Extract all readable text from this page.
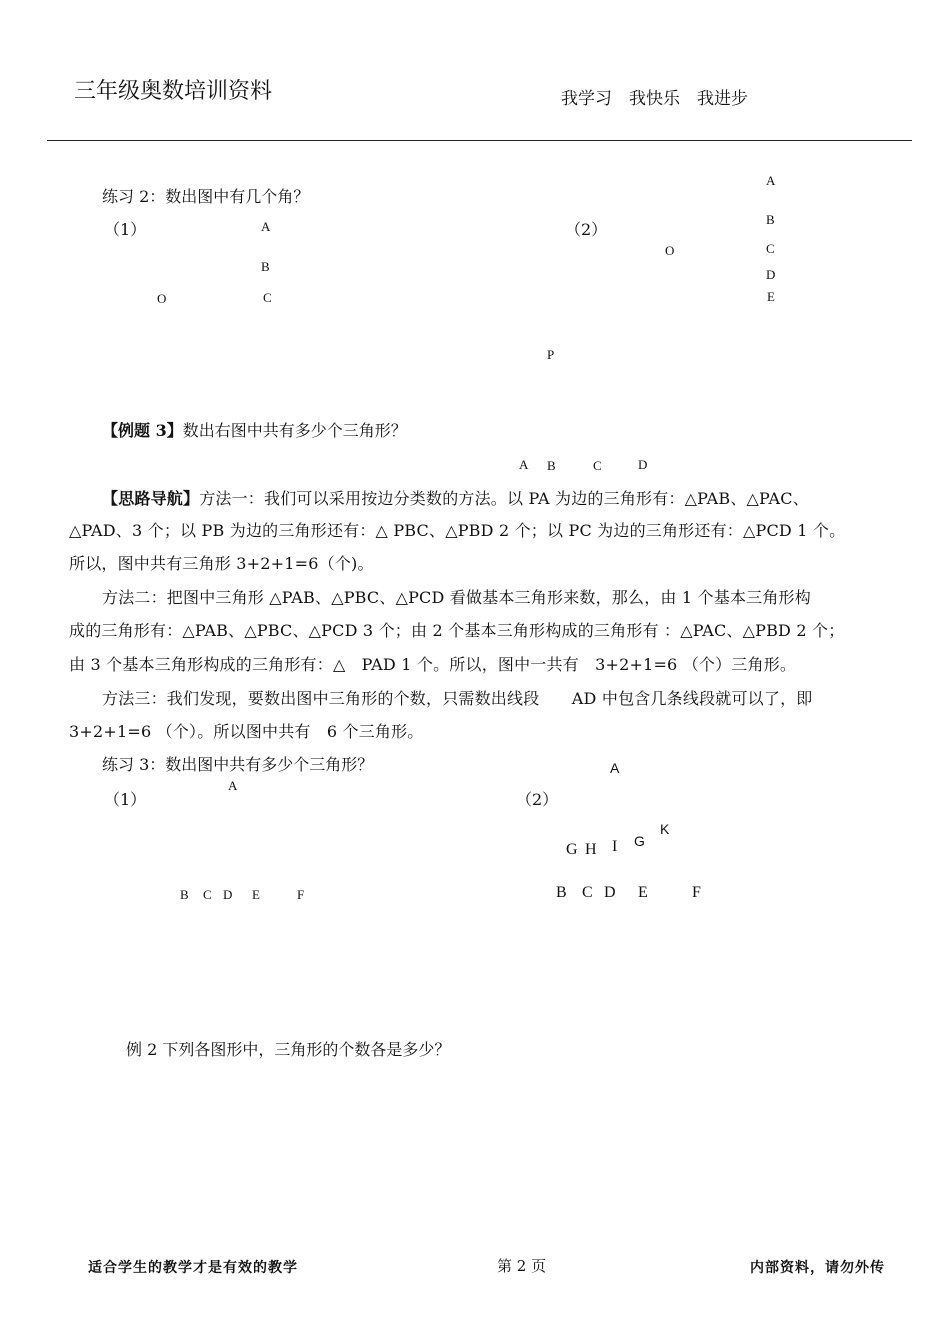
三年级奥数培训资料	我学习　我快乐　我进步
练习 2：数出图中有几个角？
（1）	A
B
C
O
（2）
A
B
C
D
E
O
P
【例题 3】数出右图中共有多少个三角形？
A B	C	D
【思路导航】方法一：我们可以采用按边分类数的方法。以 PA 为边的三角形有：△PAB、△PAC、
△PAD、3 个；以 PB 为边的三角形还有：△ PBC、△PBD 2 个；以 PC 为边的三角形还有：△PCD 1 个。
所以，图中共有三角形 3+2+1=6（个)。
方法二：把图中三角形 △PAB、△PBC、△PCD 看做基本三角形来数，那么，由 1 个基本三角形构
成的三角形有：△PAB、△PBC、△PCD 3 个；由 2 个基本三角形构成的三角形有 ：△PAC、△PBD 2 个；
由 3 个基本三角形构成的三角形有：△　PAD 1 个。所以，图中一共有　3+2+1=6 （个）三角形。
方法三：我们发现，要数出图中三角形的个数，只需数出线段　　AD 中包含几条线段就可以了，即
3+2+1=6 （个）。所以图中共有　6 个三角形。
练习 3：数出图中共有多少个三角形？
（1）
A
B C D E	F
（2）
A
G H I G
K
B C D E	F
例 2 下列各图形中，三角形的个数各是多少？
适合学生的教学才是有效的教学	第 2 页	内部资料，请勿外传
